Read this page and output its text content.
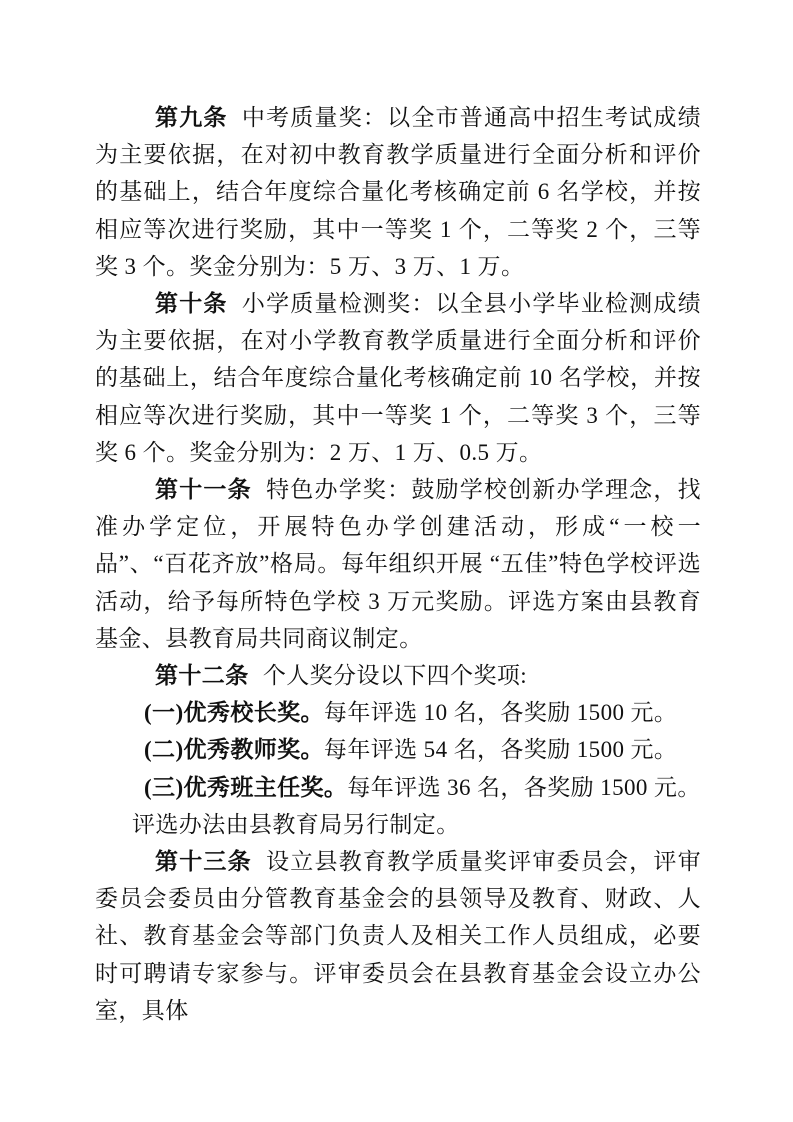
第九条 中考质量奖：以全市普通高中招生考试成绩为主要依据，在对初中教育教学质量进行全面分析和评价的基础上，结合年度综合量化考核确定前 6 名学校，并按相应等次进行奖励，其中一等奖 1 个，二等奖 2 个，三等奖 3 个。奖金分别为：5 万、3 万、1 万。

第十条 小学质量检测奖：以全县小学毕业检测成绩为主要依据，在对小学教育教学质量进行全面分析和评价的基础上，结合年度综合量化考核确定前 10 名学校，并按相应等次进行奖励，其中一等奖 1 个，二等奖 3 个，三等奖 6 个。奖金分别为：2 万、1 万、0.5 万。

第十一条 特色办学奖：鼓励学校创新办学理念，找准办学定位，开展特色办学创建活动，形成“一校一品”、“百花齐放”格局。每年组织开展 “五佳”特色学校评选活动，给予每所特色学校 3 万元奖励。评选方案由县教育基金、县教育局共同商议制定。

第十二条 个人奖分设以下四个奖项:

(一)优秀校长奖。每年评选 10 名，各奖励 1500 元。

(二)优秀教师奖。每年评选 54 名，各奖励 1500 元。

(三)优秀班主任奖。每年评选 36 名，各奖励 1500 元。

评选办法由县教育局另行制定。

第十三条 设立县教育教学质量奖评审委员会，评审委员会委员由分管教育基金会的县领导及教育、财政、人社、教育基金会等部门负责人及相关工作人员组成，必要时可聘请专家参与。评审委员会在县教育基金会设立办公室，具体
